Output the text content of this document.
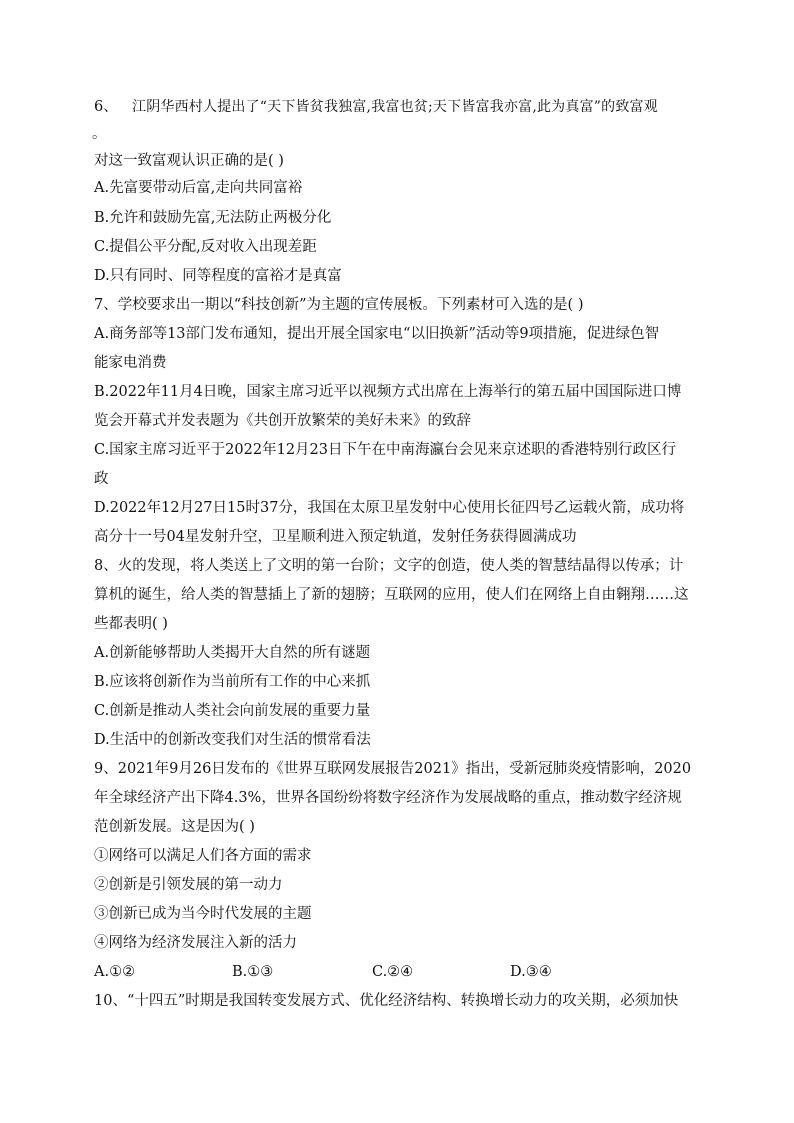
6、 江阴华西村人提出了“天下皆贫我独富,我富也贫;天下皆富我亦富,此为真富”的致富观
。
对这一致富观认识正确的是( )
A.先富要带动后富,走向共同富裕
B.允许和鼓励先富,无法防止两极分化
C.提倡公平分配,反对收入出现差距
D.只有同时、同等程度的富裕才是真富
7、学校要求出一期以“科技创新”为主题的宣传展板。下列素材可入选的是( )
A.商务部等13部门发布通知，提出开展全国家电“以旧换新”活动等9项措施，促进绿色智
能家电消费
B.2022年11月4日晚，国家主席习近平以视频方式出席在上海举行的第五届中国国际进口博
览会开幕式并发表题为《共创开放繁荣的美好未来》的致辞
C.国家主席习近平于2022年12月23日下午在中南海瀛台会见来京述职的香港特别行政区行
政
D.2022年12月27日15时37分，我国在太原卫星发射中心使用长征四号乙运载火箭，成功将
高分十一号04星发射升空，卫星顺利进入预定轨道，发射任务获得圆满成功
8、火的发现，将人类送上了文明的第一台阶；文字的创造，使人类的智慧结晶得以传承；计
算机的诞生，给人类的智慧插上了新的翅膀；互联网的应用，使人们在网络上自由翱翔……这
些都表明( )
A.创新能够帮助人类揭开大自然的所有谜题
B.应该将创新作为当前所有工作的中心来抓
C.创新是推动人类社会向前发展的重要力量
D.生活中的创新改变我们对生活的惯常看法
9、2021年9月26日发布的《世界互联网发展报告2021》指出，受新冠肺炎疫情影响，2020
年全球经济产出下降4.3%，世界各国纷纷将数字经济作为发展战略的重点，推动数字经济规
范创新发展。这是因为( )
①网络可以满足人们各方面的需求
②创新是引领发展的第一动力
③创新已成为当今时代发展的主题
④网络为经济发展注入新的活力
A.①②	B.①③	C.②④	D.③④
10、“十四五”时期是我国转变发展方式、优化经济结构、转换增长动力的攻关期，必须加快
